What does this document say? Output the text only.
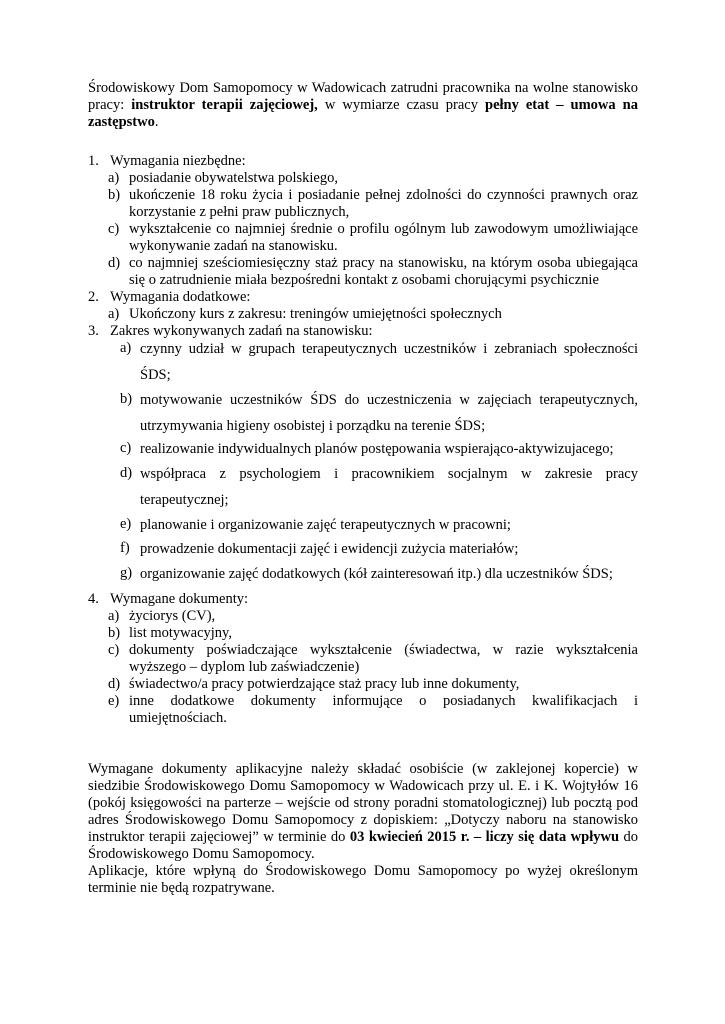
Środowiskowy Dom Samopomocy w Wadowicach zatrudni pracownika na wolne stanowisko pracy: instruktor terapii zajęciowej, w wymiarze czasu pracy pełny etat – umowa na zastępstwo.
1. Wymagania niezbędne:
a) posiadanie obywatelstwa polskiego,
b) ukończenie 18 roku życia i posiadanie pełnej zdolności do czynności prawnych oraz korzystanie z pełni praw publicznych,
c) wykształcenie co najmniej średnie o profilu ogólnym lub zawodowym umożliwiające wykonywanie zadań na stanowisku.
d) co najmniej sześciomiesięczny staż pracy na stanowisku, na którym osoba ubiegająca się o zatrudnienie miała bezpośredni kontakt z osobami chorującymi psychicznie
2. Wymagania dodatkowe:
a) Ukończony kurs z zakresu: treningów umiejętności społecznych
3. Zakres wykonywanych zadań na stanowisku:
a) czynny udział w grupach terapeutycznych uczestników i zebraniach społeczności ŚDS;
b) motywowanie uczestników ŚDS do uczestniczenia w zajęciach terapeutycznych, utrzymywania higieny osobistej i porządku na terenie ŚDS;
c) realizowanie indywidualnych planów postępowania wspierająco-aktywizujacego;
d) współpraca z psychologiem i pracownikiem socjalnym w zakresie pracy terapeutycznej;
e) planowanie i organizowanie zajęć terapeutycznych w pracowni;
f) prowadzenie dokumentacji zajęć i ewidencji zużycia materiałów;
g) organizowanie zajęć dodatkowych (kół zainteresowań itp.) dla uczestników ŚDS;
4. Wymagane dokumenty:
a) życiorys (CV),
b) list motywacyjny,
c) dokumenty poświadczające wykształcenie (świadectwa, w razie wykształcenia wyższego – dyplom lub zaświadczenie)
d) świadectwo/a pracy potwierdzające staż pracy lub inne dokumenty,
e) inne dodatkowe dokumenty informujące o posiadanych kwalifikacjach i umiejętnościach.
Wymagane dokumenty aplikacyjne należy składać osobiście (w zaklejonej kopercie) w siedzibie Środowiskowego Domu Samopomocy w Wadowicach przy ul. E. i K. Wojtyłów 16 (pokój księgowości na parterze – wejście od strony poradni stomatologicznej) lub pocztą pod adres Środowiskowego Domu Samopomocy z dopiskiem: „Dotyczy naboru na stanowisko instruktor terapii zajęciowej” w terminie do 03 kwiecień 2015 r. – liczy się data wpływu do Środowiskowego Domu Samopomocy.
Aplikacje, które wpłyną do Środowiskowego Domu Samopomocy po wyżej określonym terminie nie będą rozpatrywane.
